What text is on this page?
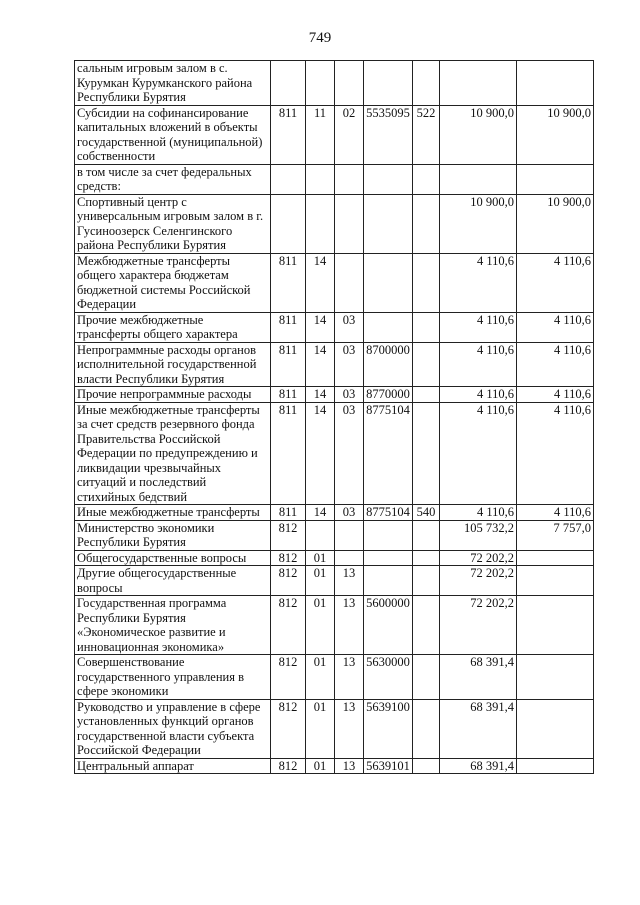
749
сальным игровым залом в с. Курумкан Курумканского района Республики Бурятия							
Субсидии на софинансирование капитальных вложений в объекты государственной (муниципальной) собственности	811	11	02	5535095	522	10 900,0	10 900,0
в том числе за счет федеральных средств:							
Спортивный центр с универсальным игровым залом в г. Гусиноозерск Селенгинского района Республики Бурятия						10 900,0	10 900,0
Межбюджетные трансферты общего характера бюджетам бюджетной системы Российской Федерации	811	14				4 110,6	4 110,6
Прочие межбюджетные трансферты общего характера	811	14	03			4 110,6	4 110,6
Непрограммные расходы органов исполнительной государственной власти Республики Бурятия	811	14	03	8700000		4 110,6	4 110,6
Прочие непрограммные расходы	811	14	03	8770000		4 110,6	4 110,6
Иные межбюджетные трансферты за счет средств резервного фонда Правительства Российской Федерации по предупреждению и ликвидации чрезвычайных ситуаций и последствий стихийных бедствий	811	14	03	8775104		4 110,6	4 110,6
Иные межбюджетные трансферты	811	14	03	8775104	540	4 110,6	4 110,6
Министерство экономики Республики Бурятия	812					105 732,2	7 757,0
Общегосударственные вопросы	812	01				72 202,2	
Другие общегосударственные вопросы	812	01	13			72 202,2	
Государственная программа Республики Бурятия «Экономическое развитие и инновационная экономика»	812	01	13	5600000		72 202,2	
Совершенствование государственного управления в сфере экономики	812	01	13	5630000		68 391,4	
Руководство и управление в сфере установленных функций органов государственной власти субъекта Российской Федерации	812	01	13	5639100		68 391,4	
Центральный аппарат	812	01	13	5639101		68 391,4	
